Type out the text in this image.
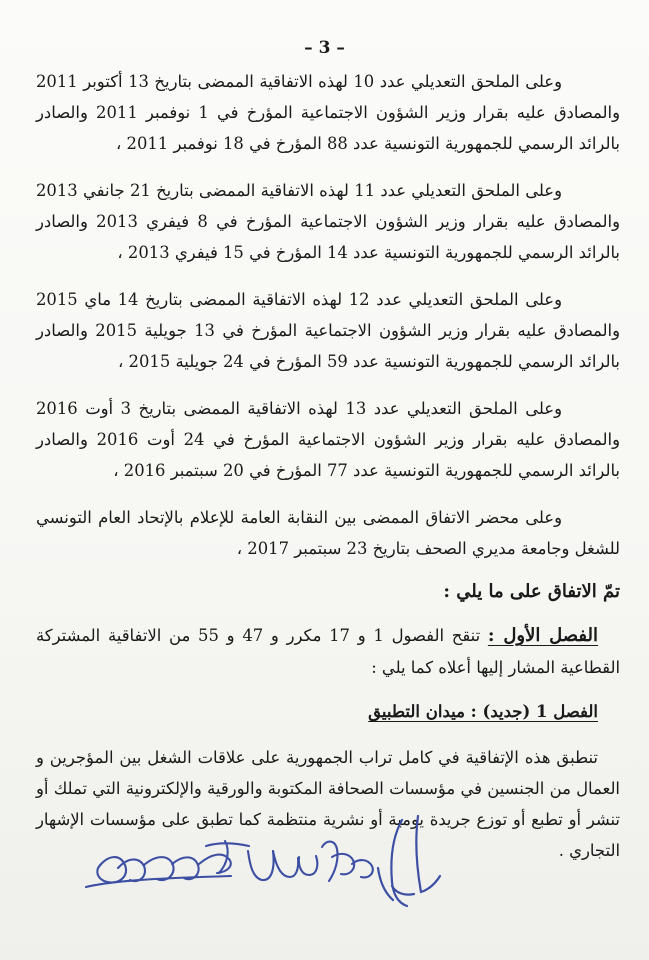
– 3 –

وعلى الملحق التعديلي عدد 10 لهذه الاتفاقية الممضى بتاريخ 13 أكتوبر 2011 والمصادق عليه بقرار وزير الشؤون الاجتماعية المؤرخ في 1 نوفمبر 2011 والصادر بالرائد الرسمي للجمهورية التونسية عدد 88 المؤرخ في 18 نوفمبر 2011 ،

وعلى الملحق التعديلي عدد 11 لهذه الاتفاقية الممضى بتاريخ 21 جانفي 2013 والمصادق عليه بقرار وزير الشؤون الاجتماعية المؤرخ في 8 فيفري 2013 والصادر بالرائد الرسمي للجمهورية التونسية عدد 14 المؤرخ في 15 فيفري 2013 ،

وعلى الملحق التعديلي عدد 12 لهذه الاتفاقية الممضى بتاريخ 14 ماي 2015 والمصادق عليه بقرار وزير الشؤون الاجتماعية المؤرخ في 13 جويلية 2015 والصادر بالرائد الرسمي للجمهورية التونسية عدد 59 المؤرخ في 24 جويلية 2015 ،

وعلى الملحق التعديلي عدد 13 لهذه الاتفاقية الممضى بتاريخ 3 أوت 2016 والمصادق عليه بقرار وزير الشؤون الاجتماعية المؤرخ في 24 أوت 2016 والصادر بالرائد الرسمي للجمهورية التونسية عدد 77 المؤرخ في 20 سبتمبر 2016 ،

وعلى محضر الاتفاق الممضى بين النقابة العامة للإعلام بالإتحاد العام التونسي للشغل وجامعة مديري الصحف بتاريخ 23 سبتمبر 2017 ،

تمّ الاتفاق على ما يلي :

الفصل الأول : تنقح الفصول 1 و 17 مكرر و 47 و 55 من الاتفاقية المشتركة القطاعية المشار إليها أعلاه كما يلي :

الفصل 1 (جديد) : ميدان التطبيق

تنطبق هذه الإتفاقية في كامل تراب الجمهورية على علاقات الشغل بين المؤجرين و العمال من الجنسين في مؤسسات الصحافة المكتوبة والورقية والإلكترونية التي تملك أو تنشر أو تطبع أو توزع جريدة يومية أو نشرية منتظمة كما تطبق على مؤسسات الإشهار التجاري .
